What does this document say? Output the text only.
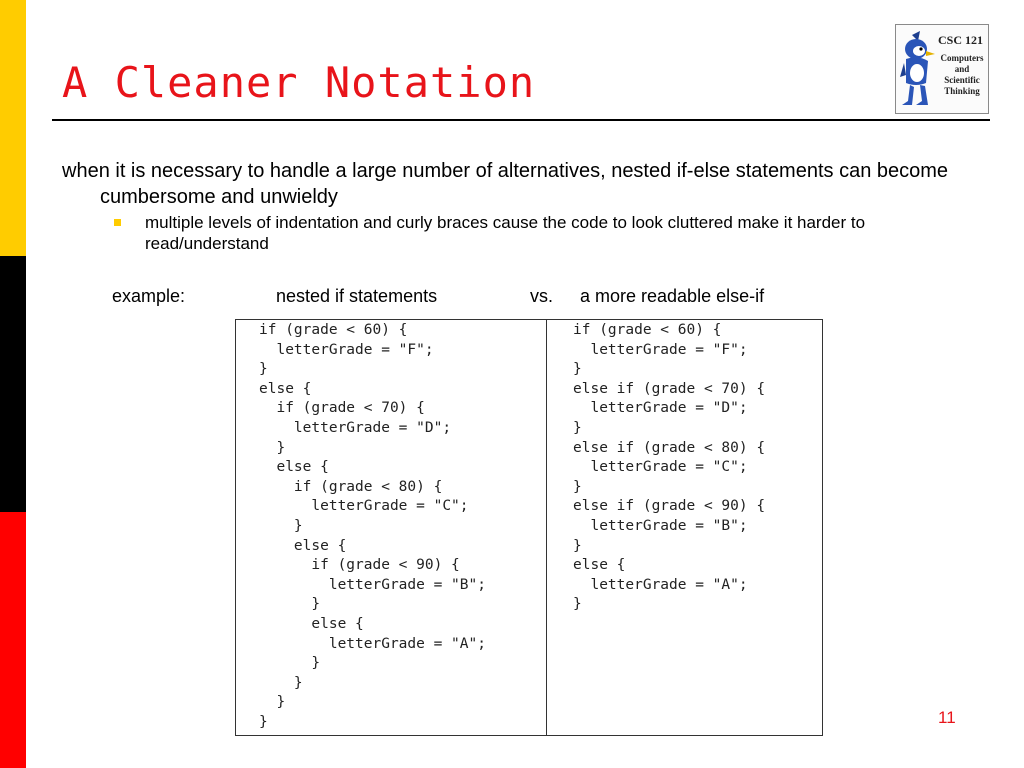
A Cleaner Notation
CSC 121
Computers and Scientific Thinking
when it is necessary to handle a large number of alternatives, nested if-else statements can become cumbersome and unwieldy
multiple levels of indentation and curly braces cause the code to look cluttered make it harder to read/understand
example:	nested if statements	vs. a more readable else-if
if (grade < 60) {
letterGrade = "F";
}
else {
if (grade < 70) {
letterGrade = "D";
}
else {
if (grade < 80) {
letterGrade = "C";
}
else {
if (grade < 90) {
letterGrade = "B";
}
else {
letterGrade = "A";
}
}
}
}
if (grade < 60) {
letterGrade = "F";
}
else if (grade < 70) {
letterGrade = "D";
}
else if (grade < 80) {
letterGrade = "C";
}
else if (grade < 90) {
letterGrade = "B";
}
else {
letterGrade = "A";
}
11
